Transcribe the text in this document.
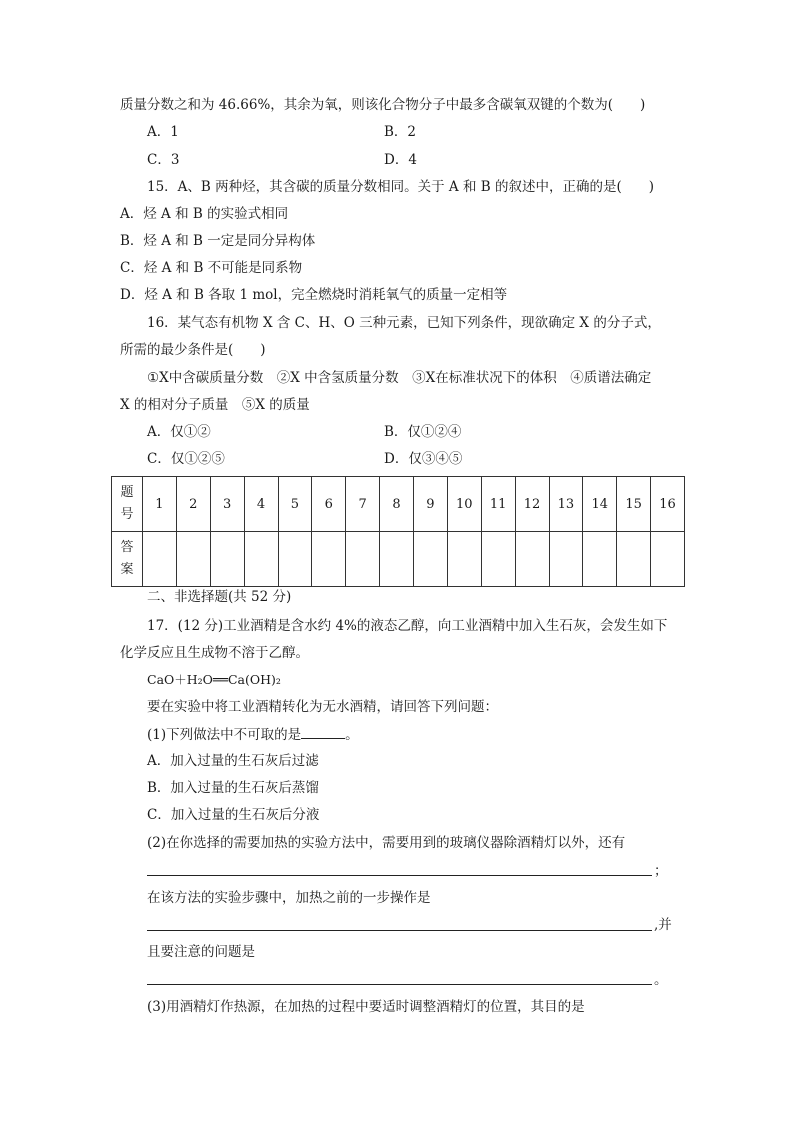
质量分数之和为 46.66%，其余为氧，则该化合物分子中最多含碳氧双键的个数为(　　)
A．1	B．2
C．3	D．4
15．A、B 两种烃，其含碳的质量分数相同。关于 A 和 B 的叙述中，正确的是(　　)
A．烃 A 和 B 的实验式相同
B．烃 A 和 B 一定是同分异构体
C．烃 A 和 B 不可能是同系物
D．烃 A 和 B 各取 1 mol，完全燃烧时消耗氧气的质量一定相等
16．某气态有机物 X 含 C、H、O 三种元素，已知下列条件，现欲确定 X 的分子式，
所需的最少条件是(　　)
①X中含碳质量分数　②X 中含氢质量分数　③X在标准状况下的体积　④质谱法确定
X 的相对分子质量　⑤X 的质量
A．仅①②	B．仅①②④
C．仅①②⑤	D．仅③④⑤
题
号	1	2	3	4	5	6	7	8	9	10	11	12	13	14	15	16

答
案																

二、非选择题(共 52 分)
17．(12 分)工业酒精是含水约 4%的液态乙醇，向工业酒精中加入生石灰，会发生如下
化学反应且生成物不溶于乙醇。
CaO＋H₂O══Ca(OH)₂
要在实验中将工业酒精转化为无水酒精，请回答下列问题：
(1)下列做法中不可取的是	。
A．加入过量的生石灰后过滤
B．加入过量的生石灰后蒸馏
C．加入过量的生石灰后分液
(2)在你选择的需要加热的实验方法中，需要用到的玻璃仪器除酒精灯以外，还有
；
在该方法的实验步骤中，加热之前的一步操作是
,并
且要注意的问题是
。
(3)用酒精灯作热源，在加热的过程中要适时调整酒精灯的位置，其目的是
